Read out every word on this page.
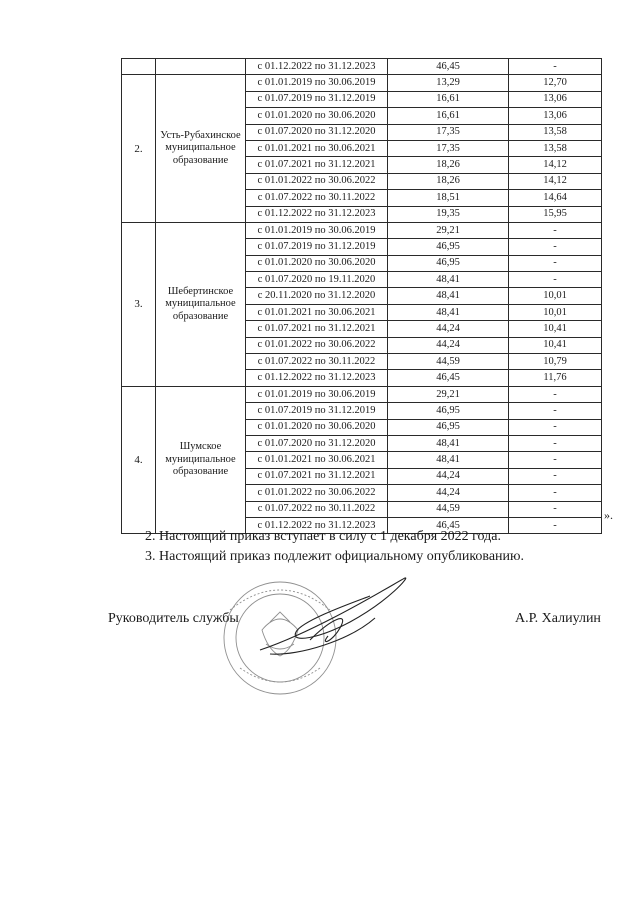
		с 01.12.2022 по 31.12.2023	46,45	-
2.	Усть-Рубахинское муниципальное образование	с 01.01.2019 по 30.06.2019	13,29	12,70
		с 01.07.2019 по 31.12.2019	16,61	13,06
		с 01.01.2020 по 30.06.2020	16,61	13,06
		с 01.07.2020 по 31.12.2020	17,35	13,58
		с 01.01.2021 по 30.06.2021	17,35	13,58
		с 01.07.2021 по 31.12.2021	18,26	14,12
		с 01.01.2022 по 30.06.2022	18,26	14,12
		с 01.07.2022 по 30.11.2022	18,51	14,64
		с 01.12.2022 по 31.12.2023	19,35	15,95
3.	Шебертинское муниципальное образование	с 01.01.2019 по 30.06.2019	29,21	-
		с 01.07.2019 по 31.12.2019	46,95	-
		с 01.01.2020 по 30.06.2020	46,95	-
		с 01.07.2020 по 19.11.2020	48,41	-
		с 20.11.2020 по 31.12.2020	48,41	10,01
		с 01.01.2021 по 30.06.2021	48,41	10,01
		с 01.07.2021 по 31.12.2021	44,24	10,41
		с 01.01.2022 по 30.06.2022	44,24	10,41
		с 01.07.2022 по 30.11.2022	44,59	10,79
		с 01.12.2022 по 31.12.2023	46,45	11,76
4.	Шумское муниципальное образование	с 01.01.2019 по 30.06.2019	29,21	-
		с 01.07.2019 по 31.12.2019	46,95	-
		с 01.01.2020 по 30.06.2020	46,95	-
		с 01.07.2020 по 31.12.2020	48,41	-
		с 01.01.2021 по 30.06.2021	48,41	-
		с 01.07.2021 по 31.12.2021	44,24	-
		с 01.01.2022 по 30.06.2022	44,24	-
		с 01.07.2022 по 30.11.2022	44,59	-
		с 01.12.2022 по 31.12.2023	46,45	-
».
2. Настоящий приказ вступает в силу с 1 декабря 2022 года.
3. Настоящий приказ подлежит официальному опубликованию.
Руководитель службы	А.Р. Халиулин
